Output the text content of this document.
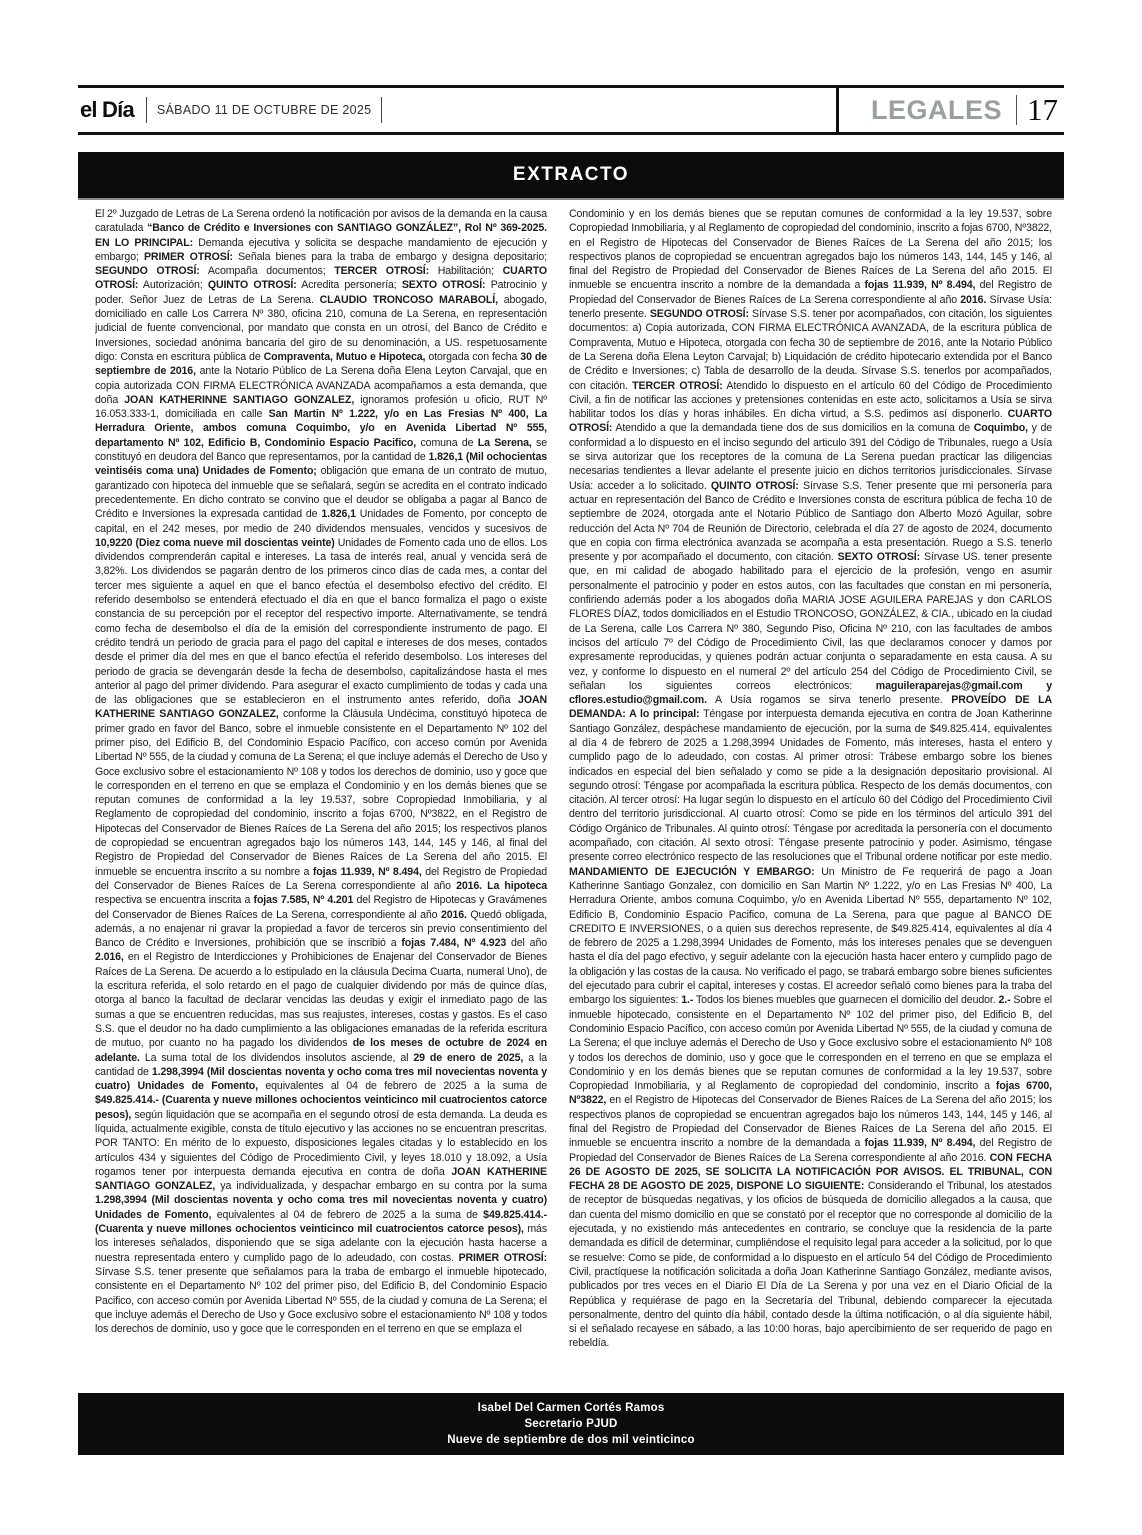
el Día SÁBADO 11 DE OCTUBRE DE 2025	LEGALES 17
EXTRACTO
El 2º Juzgado de Letras de La Serena ordenó la notificación por avisos de la demanda en la causa caratulada “Banco de Crédito e Inversiones con SANTIAGO GONZÁLEZ”, Rol Nº 369-2025. EN LO PRINCIPAL: Demanda ejecutiva y solicita se despache mandamiento de ejecución y embargo; PRIMER OTROSÍ: Señala bienes para la traba de embargo y designa depositario; SEGUNDO OTROSÍ: Acompaña documentos; TERCER OTROSÍ: Habilitación; CUARTO OTROSÍ: Autorización; QUINTO OTROSÍ: Acredita personería; SEXTO OTROSÍ: Patrocinio y poder. Señor Juez de Letras de La Serena. CLAUDIO TRONCOSO MARABOLÍ, abogado, domiciliado en calle Los Carrera Nº 380, oficina 210, comuna de La Serena, en representación judicial de fuente convencional, por mandato que consta en un otrosí, del Banco de Crédito e Inversiones, sociedad anónima bancaria del giro de su denominación, a US. respetuosamente digo: Consta en escritura pública de Compraventa, Mutuo e Hipoteca, otorgada con fecha 30 de septiembre de 2016, ante la Notario Público de La Serena doña Elena Leyton Carvajal, que en copia autorizada CON FIRMA ELECTRÓNICA AVANZADA acompañamos a esta demanda, que doña JOAN KATHERINNE SANTIAGO GONZALEZ, ignoramos profesión u oficio, RUT Nº 16.053.333-1, domiciliada en calle San Martin Nº 1.222, y/o en Las Fresias Nº 400, La Herradura Oriente, ambos comuna Coquimbo, y/o en Avenida Libertad Nº 555, departamento Nº 102, Edificio B, Condominio Espacio Pacifico, comuna de La Serena, se constituyó en deudora del Banco que representamos, por la cantidad de 1.826,1 (Mil ochocientas veintiséis coma una) Unidades de Fomento; obligación que emana de un contrato de mutuo, garantizado con hipoteca del inmueble que se señalará, según se acredita en el contrato indicado precedentemente. En dicho contrato se convino que el deudor se obligaba a pagar al Banco de Crédito e Inversiones la expresada cantidad de 1.826,1 Unidades de Fomento, por concepto de capital, en el 242 meses, por medio de 240 dividendos mensuales, vencidos y sucesivos de 10,9220 (Diez coma nueve mil doscientas veinte) Unidades de Fomento cada uno de ellos. Los dividendos comprenderán capital e intereses. La tasa de interés real, anual y vencida será de 3,82%. Los dividendos se pagarán dentro de los primeros cinco días de cada mes, a contar del tercer mes siguiente a aquel en que el banco efectúa el desembolso efectivo del crédito. El referido desembolso se entenderá efectuado el día en que el banco formaliza el pago o existe constancia de su percepción por el receptor del respectivo importe. Alternativamente, se tendrá como fecha de desembolso el día de la emisión del correspondiente instrumento de pago. El crédito tendrá un periodo de gracia para el pago del capital e intereses de dos meses, contados desde el primer día del mes en que el banco efectúa el referido desembolso. Los intereses del periodo de gracia se devengarán desde la fecha de desembolso, capitalizándose hasta el mes anterior al pago del primer dividendo. Para asegurar el exacto cumplimiento de todas y cada una de las obligaciones que se establecieron en el instrumento antes referido, doña JOAN KATHERINE SANTIAGO GONZALEZ, conforme la Cláusula Undécima, constituyó hipoteca de primer grado en favor del Banco, sobre el inmueble consistente en el Departamento Nº 102 del primer piso, del Edificio B, del Condominio Espacio Pacífico, con acceso común por Avenida Libertad Nº 555, de la ciudad y comuna de La Serena; el que incluye además el Derecho de Uso y Goce exclusivo sobre el estacionamiento Nº 108 y todos los derechos de dominio, uso y goce que le corresponden en el terreno en que se emplaza el Condominio y en los demás bienes que se reputan comunes de conformidad a la ley 19.537, sobre Copropiedad Inmobiliaria, y al Reglamento de copropiedad del condominio, inscrito a fojas 6700, Nº3822, en el Registro de Hipotecas del Conservador de Bienes Raíces de La Serena del año 2015; los respectivos planos de copropiedad se encuentran agregados bajo los números 143, 144, 145 y 146, al final del Registro de Propiedad del Conservador de Bienes Raíces de La Serena del año 2015. El inmueble se encuentra inscrito a su nombre a fojas 11.939, Nº 8.494, del Registro de Propiedad del Conservador de Bienes Raíces de La Serena correspondiente al año 2016. La hipoteca respectiva se encuentra inscrita a fojas 7.585, Nº 4.201 del Registro de Hipotecas y Gravámenes del Conservador de Bienes Raíces de La Serena, correspondiente al año 2016. Quedó obligada, además, a no enajenar ni gravar la propiedad a favor de terceros sin previo consentimiento del Banco de Crédito e Inversiones, prohibición que se inscribió a fojas 7.484, Nº 4.923 del año 2.016, en el Registro de Interdicciones y Prohibiciones de Enajenar del Conservador de Bienes Raíces de La Serena. De acuerdo a lo estipulado en la cláusula Decima Cuarta, numeral Uno), de la escritura referida, el solo retardo en el pago de cualquier dividendo por más de quince días, otorga al banco la facultad de declarar vencidas las deudas y exigir el inmediato pago de las sumas a que se encuentren reducidas, mas sus reajustes, intereses, costas y gastos. Es el caso S.S. que el deudor no ha dado cumplimiento a las obligaciones emanadas de la referida escritura de mutuo, por cuanto no ha pagado los dividendos de los meses de octubre de 2024 en adelante. La suma total de los dividendos insolutos asciende, al 29 de enero de 2025, a la cantidad de 1.298,3994 (Mil doscientas noventa y ocho coma tres mil novecientas noventa y cuatro) Unidades de Fomento, equivalentes al 04 de febrero de 2025 a la suma de $49.825.414.- (Cuarenta y nueve millones ochocientos veinticinco mil cuatrocientos catorce pesos), según liquidación que se acompaña en el segundo otrosí de esta demanda. La deuda es líquida, actualmente exigible, consta de título ejecutivo y las acciones no se encuentran prescritas. POR TANTO: En mérito de lo expuesto, disposiciones legales citadas y lo establecido en los artículos 434 y siguientes del Código de Procedimiento Civil, y leyes 18.010 y 18.092, a Usía rogamos tener por interpuesta demanda ejecutiva en contra de doña JOAN KATHERINE SANTIAGO GONZALEZ, ya individualizada, y despachar embargo en su contra por la suma 1.298,3994 (Mil doscientas noventa y ocho coma tres mil novecientas noventa y cuatro) Unidades de Fomento, equivalentes al 04 de febrero de 2025 a la suma de $49.825.414.- (Cuarenta y nueve millones ochocientos veinticinco mil cuatrocientos catorce pesos), más los intereses señalados, disponiendo que se siga adelante con la ejecución hasta hacerse a nuestra representada entero y cumplido pago de lo adeudado, con costas. PRIMER OTROSÍ: Sírvase S.S. tener presente que señalamos para la traba de embargo el inmueble hipotecado, consistente en el Departamento Nº 102 del primer piso, del Edificio B, del Condominio Espacio Pacifico, con acceso común por Avenida Libertad Nº 555, de la ciudad y comuna de La Serena; el que incluye además el Derecho de Uso y Goce exclusivo sobre el estacionamiento Nº 108 y todos los derechos de dominio, uso y goce que le corresponden en el terreno en que se emplaza el
Condominio y en los demás bienes que se reputan comunes de conformidad a la ley 19.537, sobre Copropiedad Inmobiliaria, y al Reglamento de copropiedad del condominio, inscrito a fojas 6700, Nº3822, en el Registro de Hipotecas del Conservador de Bienes Raíces de La Serena del año 2015; los respectivos planos de copropiedad se encuentran agregados bajo los números 143, 144, 145 y 146, al final del Registro de Propiedad del Conservador de Bienes Raíces de La Serena del año 2015. El inmueble se encuentra inscrito a nombre de la demandada a fojas 11.939, Nº 8.494, del Registro de Propiedad del Conservador de Bienes Raíces de La Serena correspondiente al año 2016. Sírvase Usía: tenerlo presente. SEGUNDO OTROSÍ: Sírvase S.S. tener por acompañados, con citación, los siguientes documentos: a) Copia autorizada, CON FIRMA ELECTRÓNICA AVANZADA, de la escritura pública de Compraventa, Mutuo e Hipoteca, otorgada con fecha 30 de septiembre de 2016, ante la Notario Público de La Serena doña Elena Leyton Carvajal; b) Liquidación de crédito hipotecario extendida por el Banco de Crédito e Inversiones; c) Tabla de desarrollo de la deuda. Sírvase S.S. tenerlos por acompañados, con citación. TERCER OTROSÍ: Atendido lo dispuesto en el artículo 60 del Código de Procedimiento Civil, a fin de notificar las acciones y pretensiones contenidas en este acto, solicitamos a Usía se sirva habilitar todos los días y horas inhábiles. En dicha virtud, a S.S. pedimos así disponerlo. CUARTO OTROSÍ: Atendido a que la demandada tiene dos de sus domicilios en la comuna de Coquimbo, y de conformidad a lo dispuesto en el inciso segundo del articulo 391 del Código de Tribunales, ruego a Usía se sirva autorizar que los receptores de la comuna de La Serena puedan practicar las diligencias necesarias tendientes a llevar adelante el presente juicio en dichos territorios jurisdiccionales. Sírvase Usía: acceder a lo solicitado. QUINTO OTROSÍ: Sírvase S.S. Tener presente que mi personería para actuar en representación del Banco de Crédito e Inversiones consta de escritura pública de fecha 10 de septiembre de 2024, otorgada ante el Notario Público de Santiago don Alberto Mozó Aguilar, sobre reducción del Acta Nº 704 de Reunión de Directorio, celebrada el día 27 de agosto de 2024, documento que en copia con firma electrónica avanzada se acompaña a esta presentación. Ruego a S.S. tenerlo presente y por acompañado el documento, con citación. SEXTO OTROSÍ: Sírvase US. tener presente que, en mi calidad de abogado habilitado para el ejercicio de la profesión, vengo en asumir personalmente el patrocinio y poder en estos autos, con las facultades que constan en mi personería, confiriendo además poder a los abogados doña MARIA JOSE AGUILERA PAREJAS y don CARLOS FLORES DÍAZ, todos domiciliados en el Estudio TRONCOSO, GONZÁLEZ, & CIA., ubicado en la ciudad de La Serena, calle Los Carrera Nº 380, Segundo Piso, Oficina Nº 210, con las facultades de ambos incisos del artículo 7º del Código de Procedimiento Civil, las que declaramos conocer y damos por expresamente reproducidas, y quienes podrán actuar conjunta o separadamente en esta causa. A su vez, y conforme lo dispuesto en el numeral 2º del artículo 254 del Código de Procedimiento Civil, se señalan los siguientes correos electrónicos: maguileraparejas@gmail.com y cflores.estudio@gmail.com. A Usía rogamos se sirva tenerlo presente. PROVEÍDO DE LA DEMANDA: A lo principal: Téngase por interpuesta demanda ejecutiva en contra de Joan Katherinne Santiago González, despáchese mandamiento de ejecución, por la suma de $49.825.414, equivalentes al día 4 de febrero de 2025 a 1.298,3994 Unidades de Fomento, más intereses, hasta el entero y cumplido pago de lo adeudado, con costas. Al primer otrosí: Trábese embargo sobre los bienes indicados en especial del bien señalado y como se pide a la designación depositario provisional. Al segundo otrosí: Téngase por acompañada la escritura pública. Respecto de los demás documentos, con citación. Al tercer otrosí: Ha lugar según lo dispuesto en el artículo 60 del Código del Procedimiento Civil dentro del territorio jurisdiccional. Al cuarto otrosí: Como se pide en los términos del articulo 391 del Código Orgánico de Tribunales. Al quinto otrosí: Téngase por acreditada la personería con el documento acompañado, con citación. Al sexto otrosí: Téngase presente patrocinio y poder. Asimismo, téngase presente correo electrónico respecto de las resoluciones que el Tribunal ordene notificar por este medio. MANDAMIENTO DE EJECUCIÓN Y EMBARGO: Un Ministro de Fe requerirá de pago a Joan Katherinne Santiago Gonzalez, con domicilio en San Martin Nº 1.222, y/o en Las Fresias Nº 400, La Herradura Oriente, ambos comuna Coquimbo, y/o en Avenida Libertad Nº 555, departamento Nº 102, Edificio B, Condominio Espacio Pacifico, comuna de La Serena, para que pague al BANCO DE CREDITO E INVERSIONES, o a quien sus derechos represente, de $49.825.414, equivalentes al día 4 de febrero de 2025 a 1.298,3994 Unidades de Fomento, más los intereses penales que se devenguen hasta el día del pago efectivo, y seguir adelante con la ejecución hasta hacer entero y cumplido pago de la obligación y las costas de la causa. No verificado el pago, se trabará embargo sobre bienes suficientes del ejecutado para cubrir el capital, intereses y costas. El acreedor señaló como bienes para la traba del embargo los siguientes: 1.- Todos los bienes muebles que guarnecen el domicilio del deudor. 2.- Sobre el inmueble hipotecado, consistente en el Departamento Nº 102 del primer piso, del Edificio B, del Condominio Espacio Pacífico, con acceso común por Avenida Libertad Nº 555, de la ciudad y comuna de La Serena; el que incluye además el Derecho de Uso y Goce exclusivo sobre el estacionamiento Nº 108 y todos los derechos de dominio, uso y goce que le corresponden en el terreno en que se emplaza el Condominio y en los demás bienes que se reputan comunes de conformidad a la ley 19.537, sobre Copropiedad Inmobiliaria, y al Reglamento de copropiedad del condominio, inscrito a fojas 6700, Nº3822, en el Registro de Hipotecas del Conservador de Bienes Raíces de La Serena del año 2015; los respectivos planos de copropiedad se encuentran agregados bajo los números 143, 144, 145 y 146, al final del Registro de Propiedad del Conservador de Bienes Raíces de La Serena del año 2015. El inmueble se encuentra inscrito a nombre de la demandada a fojas 11.939, Nº 8.494, del Registro de Propiedad del Conservador de Bienes Raíces de La Serena correspondiente al año 2016. CON FECHA 26 DE AGOSTO DE 2025, SE SOLICITA LA NOTIFICACIÓN POR AVISOS. EL TRIBUNAL, CON FECHA 28 DE AGOSTO DE 2025, DISPONE LO SIGUIENTE: Considerando el Tribunal, los atestados de receptor de búsquedas negativas, y los oficios de búsqueda de domicilio allegados a la causa, que dan cuenta del mismo domicilio en que se constató por el receptor que no corresponde al domicilio de la ejecutada, y no existiendo más antecedentes en contrario, se concluye que la residencia de la parte demandada es difícil de determinar, cumpliéndose el requisito legal para acceder a la solicitud, por lo que se resuelve: Como se pide, de conformidad a lo dispuesto en el artículo 54 del Código de Procedimiento Civil, practíquese la notificación solicitada a doña Joan Katherinne Santiago González, mediante avisos, publicados por tres veces en el Diario El Día de La Serena y por una vez en el Diario Oficial de la República y requiérase de pago en la Secretaría del Tribunal, debiendo comparecer la ejecutada personalmente, dentro del quinto día hábil, contado desde la última notificación, o al día siguiente hábil, si el señalado recayese en sábado, a las 10:00 horas, bajo apercibimiento de ser requerido de pago en rebeldía.
Isabel Del Carmen Cortés Ramos
Secretario PJUD
Nueve de septiembre de dos mil veinticinco
